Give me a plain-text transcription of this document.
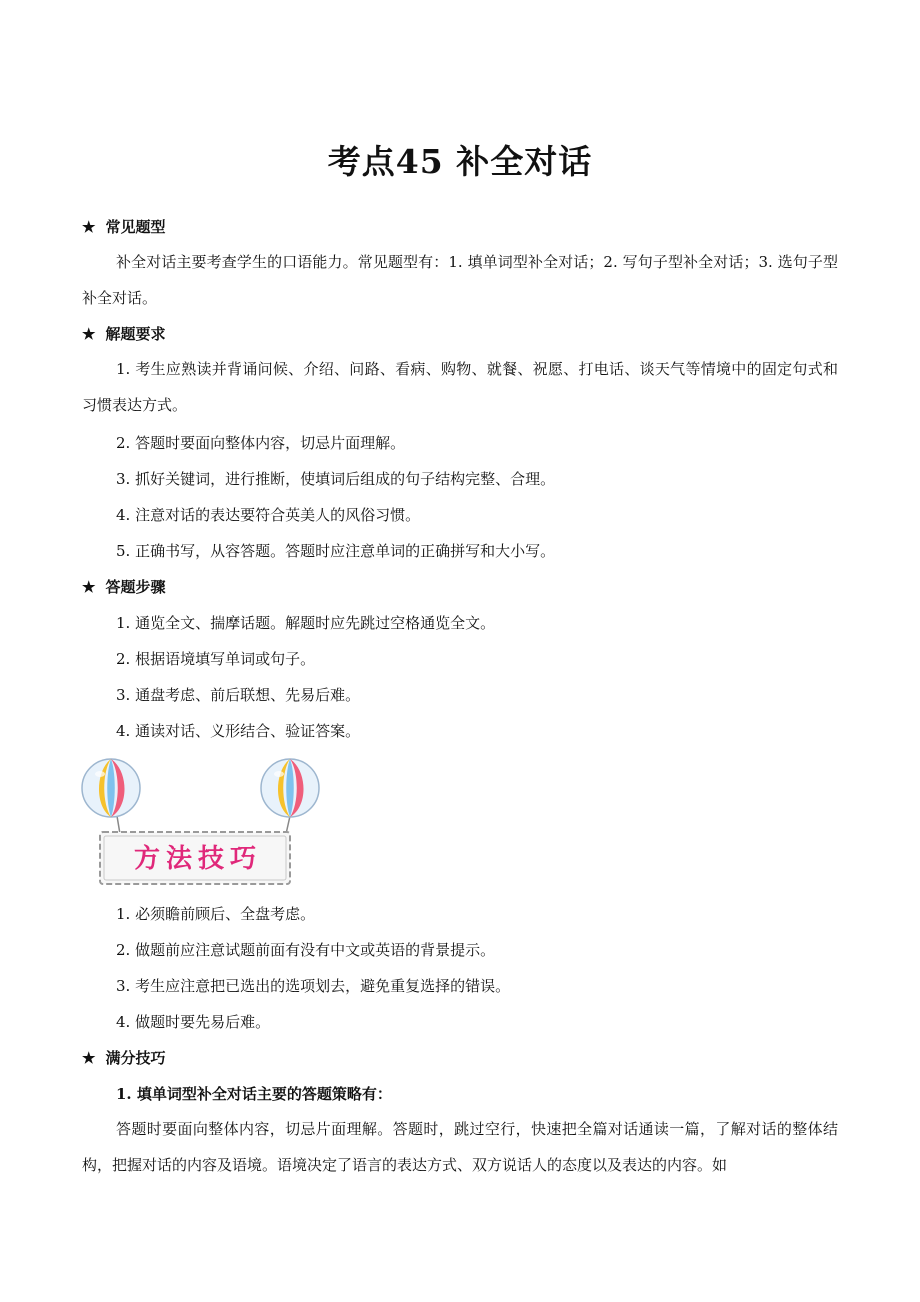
考点45 补全对话
★ 常见题型
补全对话主要考查学生的口语能力。常见题型有：1. 填单词型补全对话；2. 写句子型补全对话；3. 选句子型补全对话。
★ 解题要求
1. 考生应熟读并背诵问候、介绍、问路、看病、购物、就餐、祝愿、打电话、谈天气等情境中的固定句式和习惯表达方式。
2. 答题时要面向整体内容，切忌片面理解。
3. 抓好关键词，进行推断，使填词后组成的句子结构完整、合理。
4. 注意对话的表达要符合英美人的风俗习惯。
5. 正确书写，从容答题。答题时应注意单词的正确拼写和大小写。
★ 答题步骤
1. 通览全文、揣摩话题。解题时应先跳过空格通览全文。
2. 根据语境填写单词或句子。
3. 通盘考虑、前后联想、先易后难。
4. 通读对话、义形结合、验证答案。
方法技巧
1. 必须瞻前顾后、全盘考虑。
2. 做题前应注意试题前面有没有中文或英语的背景提示。
3. 考生应注意把已选出的选项划去，避免重复选择的错误。
4. 做题时要先易后难。
★ 满分技巧
1. 填单词型补全对话主要的答题策略有：
答题时要面向整体内容，切忌片面理解。答题时，跳过空行，快速把全篇对话通读一篇，了解对话的整体结构，把握对话的内容及语境。语境决定了语言的表达方式、双方说话人的态度以及表达的内容。如
